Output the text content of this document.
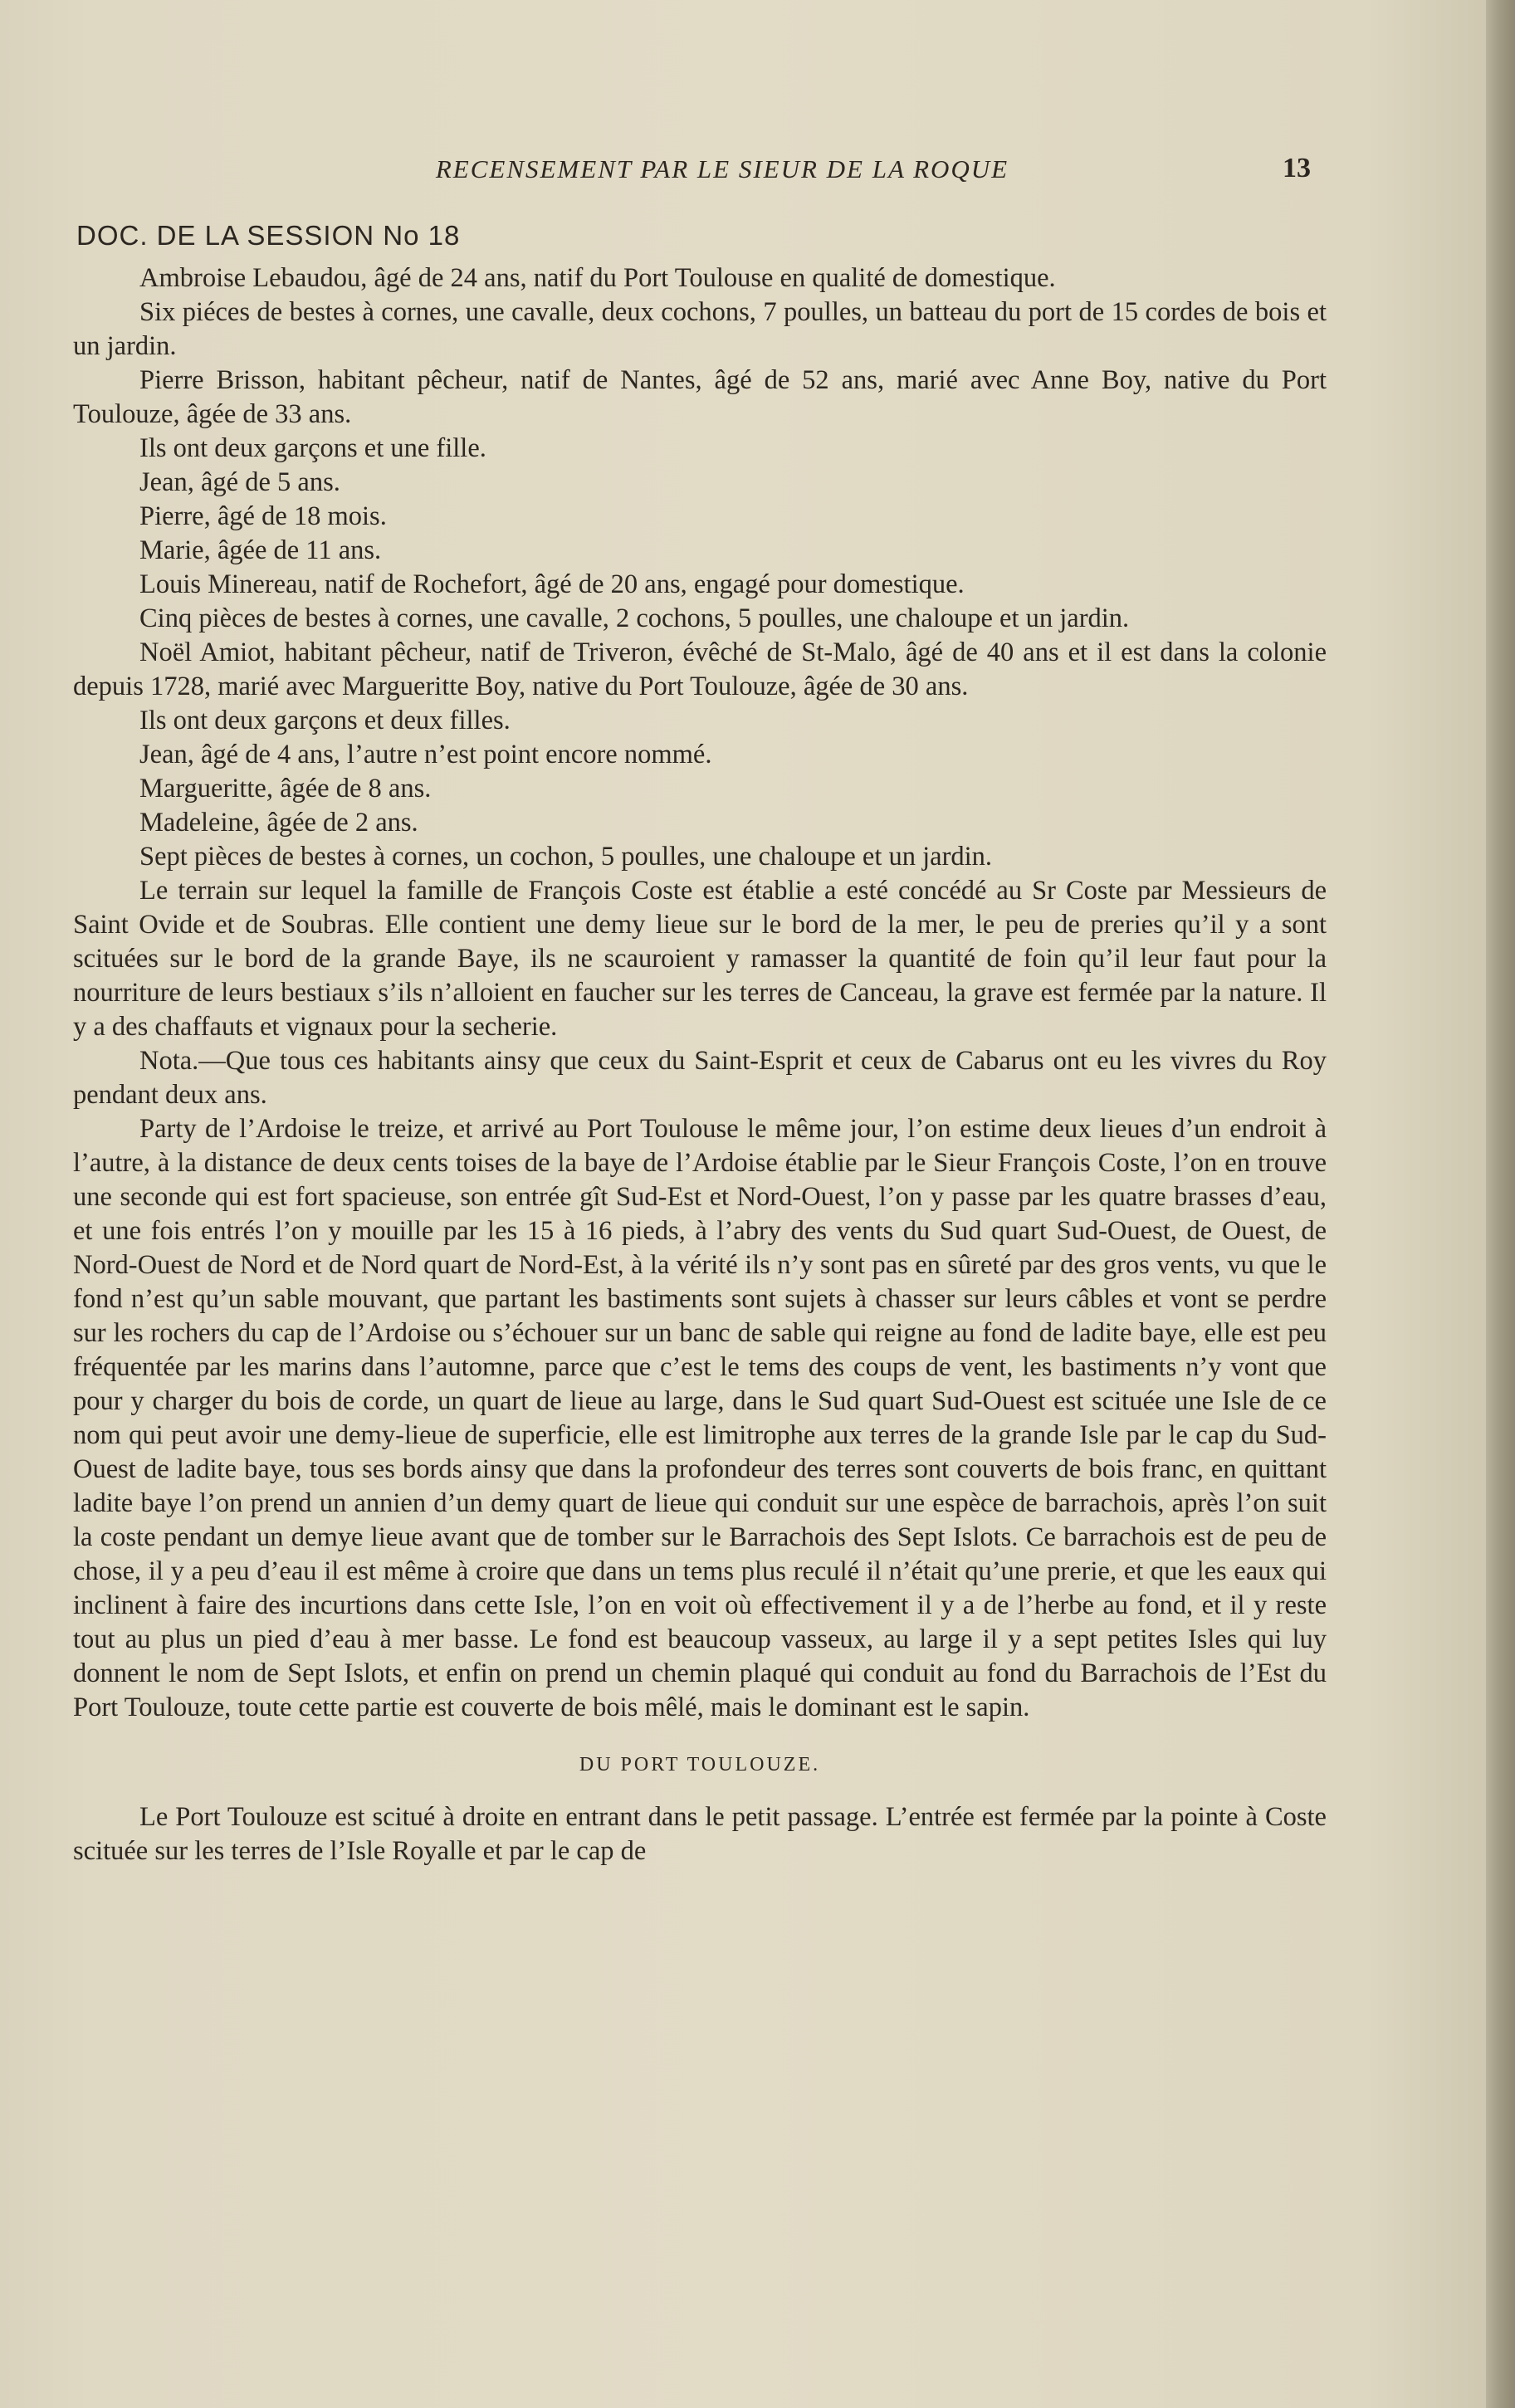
RECENSEMENT PAR LE SIEUR DE LA ROQUE	13
DOC. DE LA SESSION No 18

Ambroise Lebaudou, âgé de 24 ans, natif du Port Toulouse en qualité de domestique.

Six piéces de bestes à cornes, une cavalle, deux cochons, 7 poulles, un batteau du port de 15 cordes de bois et un jardin.

Pierre Brisson, habitant pêcheur, natif de Nantes, âgé de 52 ans, marié avec Anne Boy, native du Port Toulouze, âgée de 33 ans.

Ils ont deux garçons et une fille.

Jean, âgé de 5 ans.

Pierre, âgé de 18 mois.

Marie, âgée de 11 ans.

Louis Minereau, natif de Rochefort, âgé de 20 ans, engagé pour domestique.

Cinq pièces de bestes à cornes, une cavalle, 2 cochons, 5 poulles, une chaloupe et un jardin.

Noël Amiot, habitant pêcheur, natif de Triveron, évêché de St-Malo, âgé de 40 ans et il est dans la colonie depuis 1728, marié avec Margueritte Boy, native du Port Toulouze, âgée de 30 ans.

Ils ont deux garçons et deux filles.

Jean, âgé de 4 ans, l’autre n’est point encore nommé.

Margueritte, âgée de 8 ans.

Madeleine, âgée de 2 ans.

Sept pièces de bestes à cornes, un cochon, 5 poulles, une chaloupe et un jardin.

Le terrain sur lequel la famille de François Coste est établie a esté concédé au Sr Coste par Messieurs de Saint Ovide et de Soubras. Elle contient une demy lieue sur le bord de la mer, le peu de preries qu’il y a sont scituées sur le bord de la grande Baye, ils ne scauroient y ramasser la quantité de foin qu’il leur faut pour la nourriture de leurs bestiaux s’ils n’alloient en faucher sur les terres de Canceau, la grave est fermée par la nature. Il y a des chaffauts et vignaux pour la secherie.

Nota.—Que tous ces habitants ainsy que ceux du Saint-Esprit et ceux de Cabarus ont eu les vivres du Roy pendant deux ans.

Party de l’Ardoise le treize, et arrivé au Port Toulouse le même jour, l’on estime deux lieues d’un endroit à l’autre, à la distance de deux cents toises de la baye de l’Ardoise établie par le Sieur François Coste, l’on en trouve une seconde qui est fort spacieuse, son entrée gît Sud-Est et Nord-Ouest, l’on y passe par les quatre brasses d’eau, et une fois entrés l’on y mouille par les 15 à 16 pieds, à l’abry des vents du Sud quart Sud-Ouest, de Ouest, de Nord-Ouest de Nord et de Nord quart de Nord-Est, à la vérité ils n’y sont pas en sûreté par des gros vents, vu que le fond n’est qu’un sable mouvant, que partant les bastiments sont sujets à chasser sur leurs câbles et vont se perdre sur les rochers du cap de l’Ardoise ou s’échouer sur un banc de sable qui reigne au fond de ladite baye, elle est peu fréquentée par les marins dans l’automne, parce que c’est le tems des coups de vent, les bastiments n’y vont que pour y charger du bois de corde, un quart de lieue au large, dans le Sud quart Sud-Ouest est scituée une Isle de ce nom qui peut avoir une demy-lieue de superficie, elle est limitrophe aux terres de la grande Isle par le cap du Sud-Ouest de ladite baye, tous ses bords ainsy que dans la profondeur des terres sont couverts de bois franc, en quittant ladite baye l’on prend un annien d’un demy quart de lieue qui conduit sur une espèce de barrachois, après l’on suit la coste pendant un demye lieue avant que de tomber sur le Barrachois des Sept Islots. Ce barrachois est de peu de chose, il y a peu d’eau il est même à croire que dans un tems plus reculé il n’était qu’une prerie, et que les eaux qui inclinent à faire des incurtions dans cette Isle, l’on en voit où effectivement il y a de l’herbe au fond, et il y reste tout au plus un pied d’eau à mer basse. Le fond est beaucoup vasseux, au large il y a sept petites Isles qui luy donnent le nom de Sept Islots, et enfin on prend un chemin plaqué qui conduit au fond du Barrachois de l’Est du Port Toulouze, toute cette partie est couverte de bois mêlé, mais le dominant est le sapin.

DU PORT TOULOUZE.

Le Port Toulouze est scitué à droite en entrant dans le petit passage. L’entrée est fermée par la pointe à Coste scituée sur les terres de l’Isle Royalle et par le cap de
